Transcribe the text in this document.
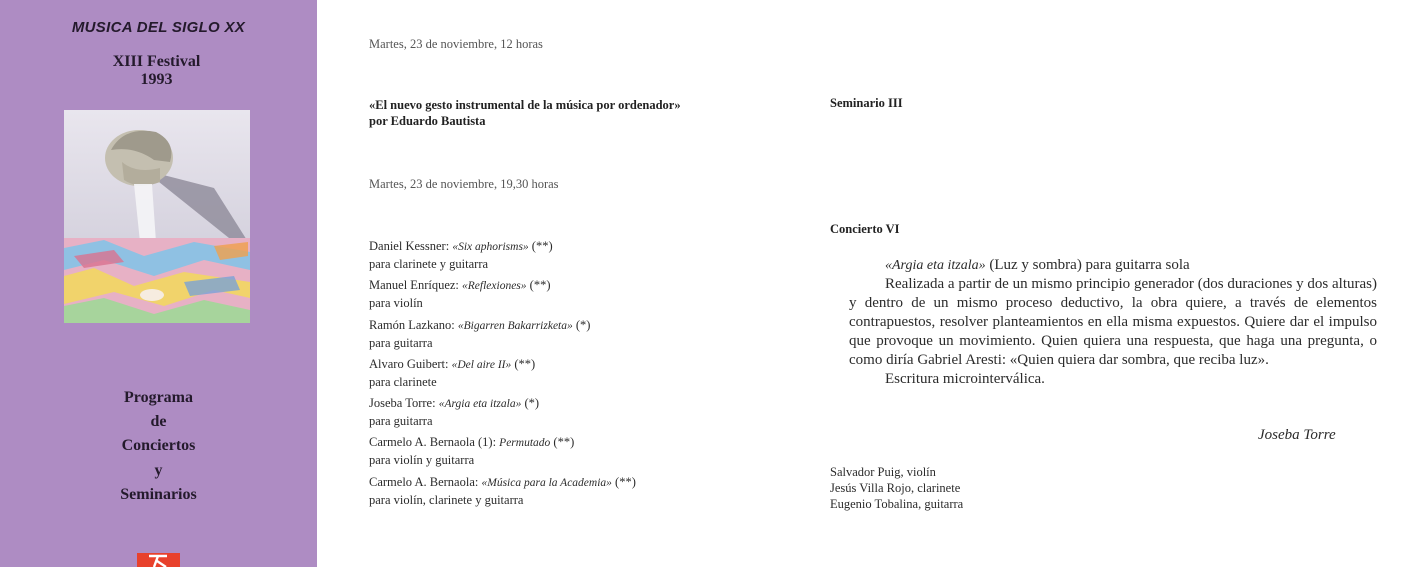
MUSICA DEL SIGLO XX
XIII Festival
1993
Programa
de
Conciertos
y
Seminarios
Martes, 23 de noviembre, 12 horas
«El nuevo gesto instrumental de la música por ordenador»
por Eduardo Bautista
Seminario III
Martes, 23 de noviembre, 19,30 horas
Concierto VI
Daniel Kessner: «Six aphorisms» (**)
para clarinete y guitarra
Manuel Enríquez: «Reflexiones» (**)
para violín
Ramón Lazkano: «Bigarren Bakarrizketa» (*)
para guitarra
Alvaro Guibert: «Del aire II» (**)
para clarinete
Joseba Torre: «Argia eta itzala» (*)
para guitarra
Carmelo A. Bernaola (1): Permutado (**)
para violín y guitarra
Carmelo A. Bernaola: «Música para la Academia» (**)
para violín, clarinete y guitarra

«Argia eta itzala» (Luz y sombra) para guitarra sola

Realizada a partir de un mismo principio generador (dos duraciones y dos alturas) y dentro de un mismo proceso deductivo, la obra quiere, a través de elementos contrapuestos, resolver planteamientos en ella misma expuestos. Quiere dar el impulso que provoque un movimiento. Quien quiera una respuesta, que haga una pregunta, o como diría Gabriel Aresti: «Quien quiera dar sombra, que reciba luz».

Escritura microinterválica.

Joseba Torre
Salvador Puig, violín
Jesús Villa Rojo, clarinete
Eugenio Tobalina, guitarra
